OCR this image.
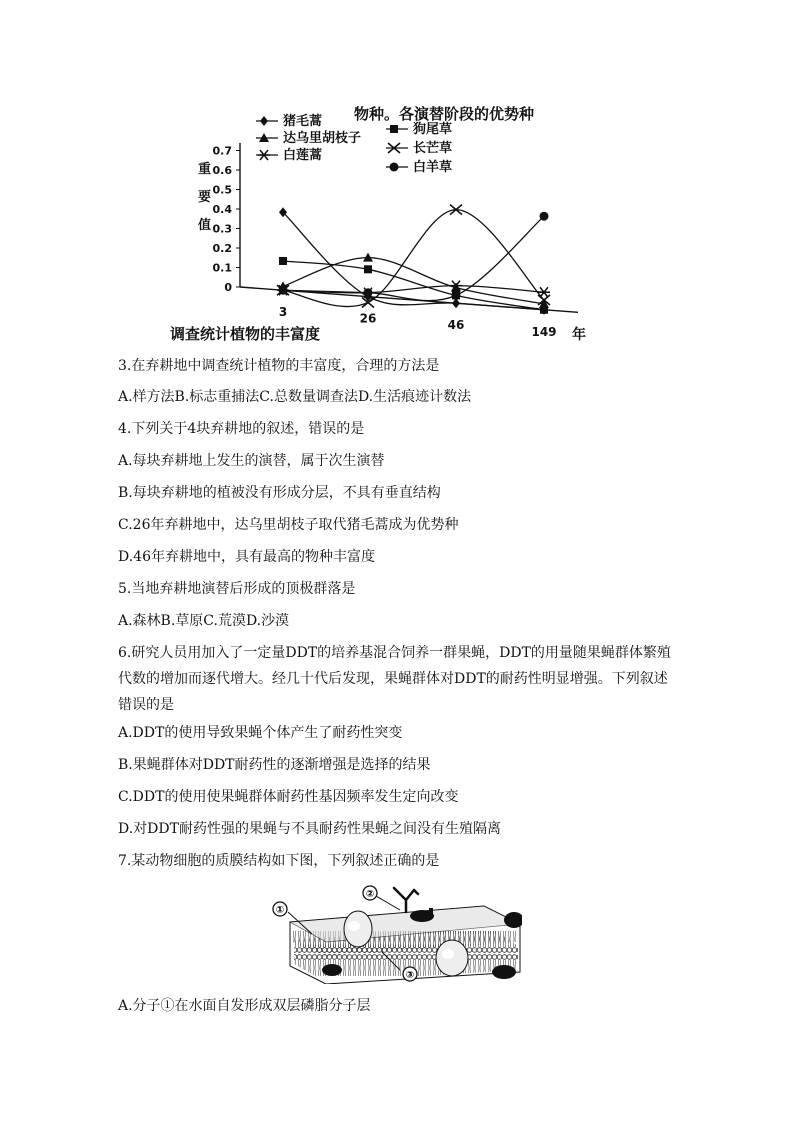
物种。各演替阶段的优势种
调查统计植物的丰富度
重
要
值
0
0.1
0.2
0.3
0.4
0.5
0.6
0.7
3	26	46	149 年
猪毛蒿
狗尾草
达乌里胡枝子
长芒草
白莲蒿
白羊草
3.在弃耕地中调查统计植物的丰富度，合理的方法是
A.样方法B.标志重捕法C.总数量调查法D.生活痕迹计数法
4.下列关于4块弃耕地的叙述，错误的是
A.每块弃耕地上发生的演替，属于次生演替
B.每块弃耕地的植被没有形成分层，不具有垂直结构
C.26年弃耕地中，达乌里胡枝子取代猪毛蒿成为优势种
D.46年弃耕地中，具有最高的物种丰富度
5.当地弃耕地演替后形成的顶极群落是
A.森林B.草原C.荒漠D.沙漠
6.研究人员用加入了一定量DDT的培养基混合饲养一群果蝇，DDT的用量随果蝇群体繁殖代数的增加而逐代增大。经几十代后发现，果蝇群体对DDT的耐药性明显增强。下列叙述错误的是
A.DDT的使用导致果蝇个体产生了耐药性突变
B.果蝇群体对DDT耐药性的逐渐增强是选择的结果
C.DDT的使用使果蝇群体耐药性基因频率发生定向改变
D.对DDT耐药性强的果蝇与不具耐药性果蝇之间没有生殖隔离
7.某动物细胞的质膜结构如下图，下列叙述正确的是
①
②
③
A.分子①在水面自发形成双层磷脂分子层
